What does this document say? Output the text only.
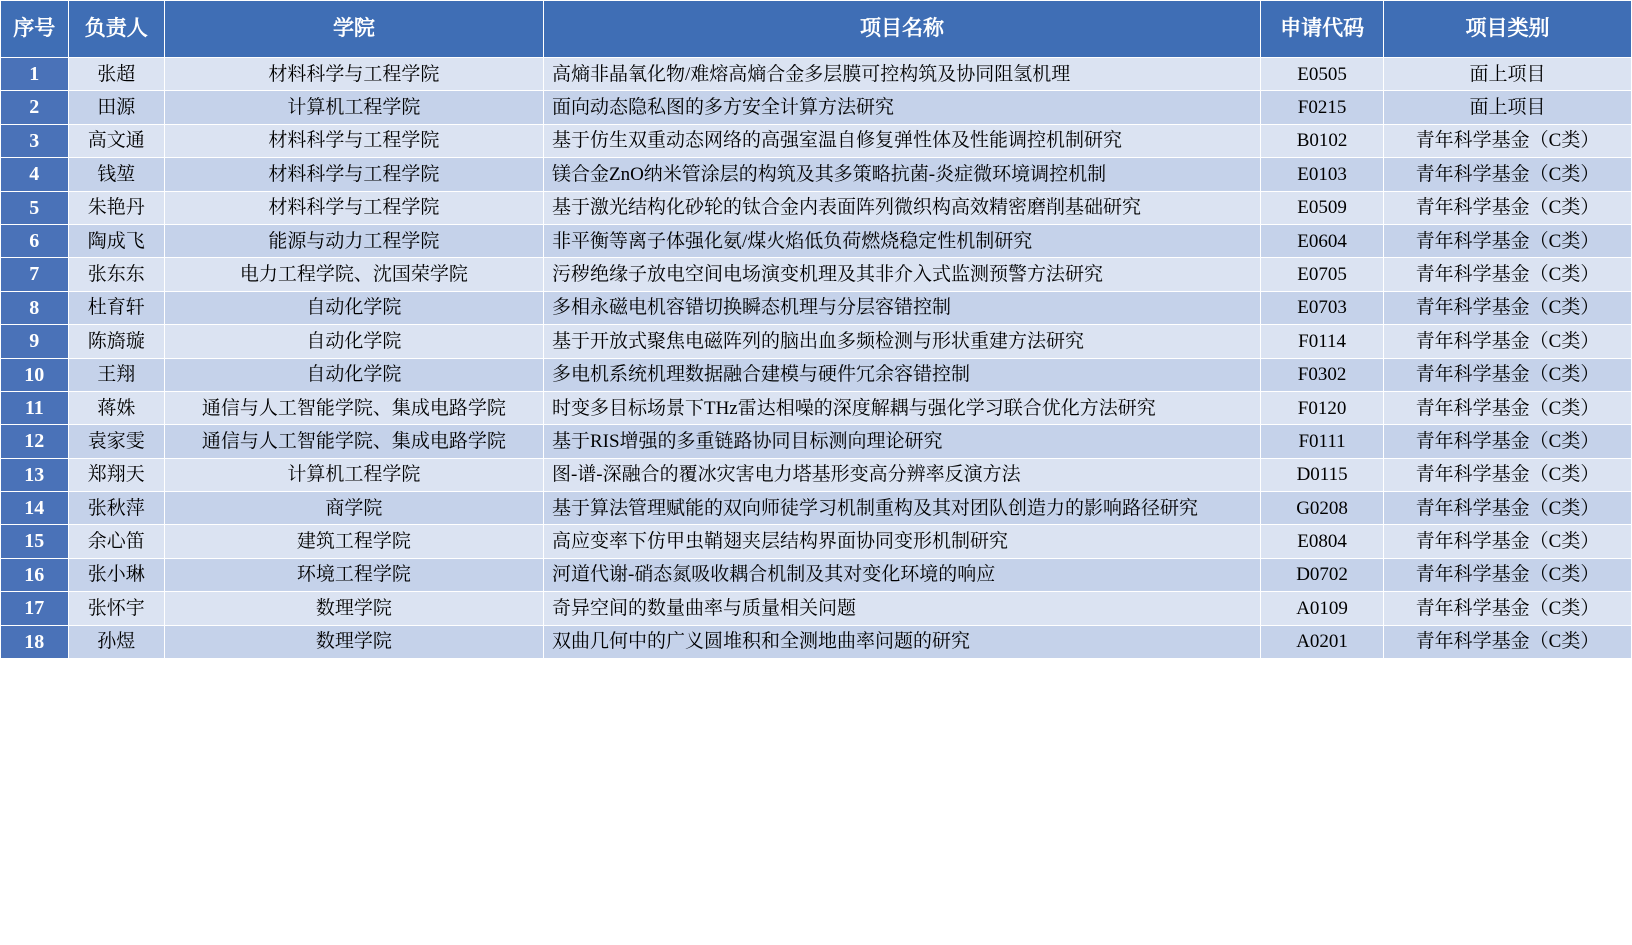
序号	负责人	学院	项目名称	申请代码	项目类别
1	张超	材料科学与工程学院	高熵非晶氧化物/难熔高熵合金多层膜可控构筑及协同阻氢机理	E0505	面上项目
2	田源	计算机工程学院	面向动态隐私图的多方安全计算方法研究	F0215	面上项目
3	高文通	材料科学与工程学院	基于仿生双重动态网络的高强室温自修复弹性体及性能调控机制研究	B0102	青年科学基金（C类）
4	钱堃	材料科学与工程学院	镁合金ZnO纳米管涂层的构筑及其多策略抗菌-炎症微环境调控机制	E0103	青年科学基金（C类）
5	朱艳丹	材料科学与工程学院	基于激光结构化砂轮的钛合金内表面阵列微织构高效精密磨削基础研究	E0509	青年科学基金（C类）
6	陶成飞	能源与动力工程学院	非平衡等离子体强化氨/煤火焰低负荷燃烧稳定性机制研究	E0604	青年科学基金（C类）
7	张东东	电力工程学院、沈国荣学院	污秽绝缘子放电空间电场演变机理及其非介入式监测预警方法研究	E0705	青年科学基金（C类）
8	杜育轩	自动化学院	多相永磁电机容错切换瞬态机理与分层容错控制	E0703	青年科学基金（C类）
9	陈旖璇	自动化学院	基于开放式聚焦电磁阵列的脑出血多频检测与形状重建方法研究	F0114	青年科学基金（C类）
10	王翔	自动化学院	多电机系统机理数据融合建模与硬件冗余容错控制	F0302	青年科学基金（C类）
11	蒋姝	通信与人工智能学院、集成电路学院	时变多目标场景下THz雷达相噪的深度解耦与强化学习联合优化方法研究	F0120	青年科学基金（C类）
12	袁家雯	通信与人工智能学院、集成电路学院	基于RIS增强的多重链路协同目标测向理论研究	F0111	青年科学基金（C类）
13	郑翔天	计算机工程学院	图-谱-深融合的覆冰灾害电力塔基形变高分辨率反演方法	D0115	青年科学基金（C类）
14	张秋萍	商学院	基于算法管理赋能的双向师徒学习机制重构及其对团队创造力的影响路径研究	G0208	青年科学基金（C类）
15	余心笛	建筑工程学院	高应变率下仿甲虫鞘翅夹层结构界面协同变形机制研究	E0804	青年科学基金（C类）
16	张小琳	环境工程学院	河道代谢-硝态氮吸收耦合机制及其对变化环境的响应	D0702	青年科学基金（C类）
17	张怀宇	数理学院	奇异空间的数量曲率与质量相关问题	A0109	青年科学基金（C类）
18	孙煜	数理学院	双曲几何中的广义圆堆积和全测地曲率问题的研究	A0201	青年科学基金（C类）
